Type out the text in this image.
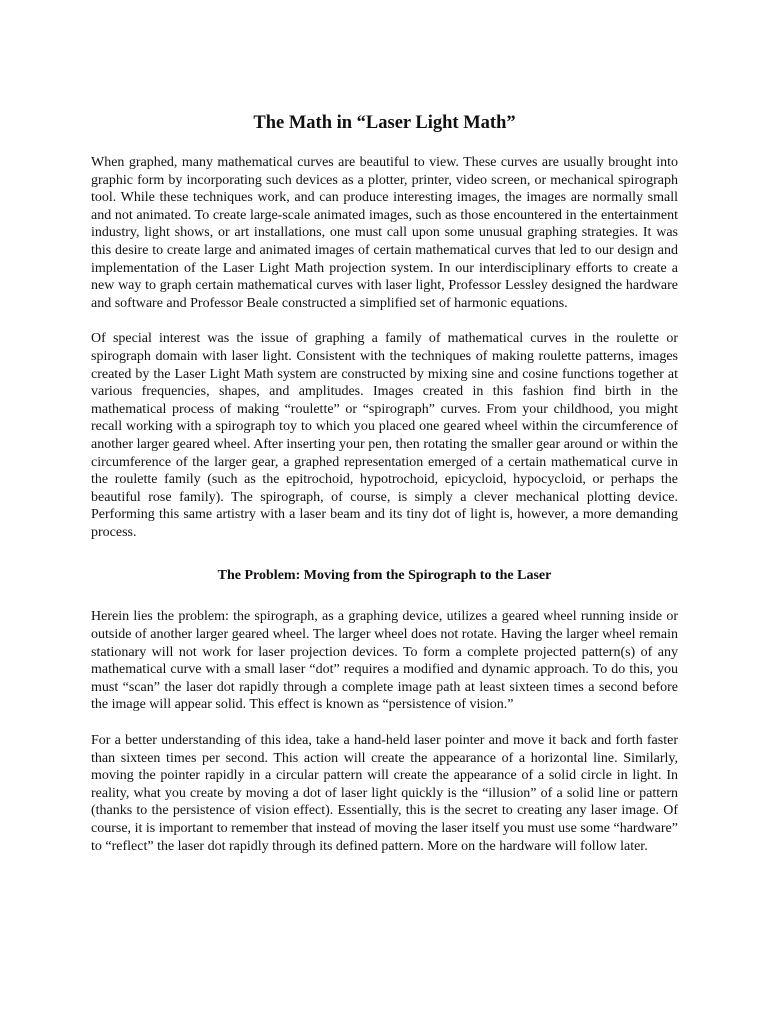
The Math in “Laser Light Math”

When graphed, many mathematical curves are beautiful to view. These curves are usually brought into graphic form by incorporating such devices as a plotter, printer, video screen, or mechanical spirograph tool. While these techniques work, and can produce interesting images, the images are normally small and not animated. To create large-scale animated images, such as those encountered in the entertainment industry, light shows, or art installations, one must call upon some unusual graphing strategies. It was this desire to create large and animated images of certain mathematical curves that led to our design and implementation of the Laser Light Math projection system. In our interdisciplinary efforts to create a new way to graph certain mathematical curves with laser light, Professor Lessley designed the hardware and software and Professor Beale constructed a simplified set of harmonic equations.

Of special interest was the issue of graphing a family of mathematical curves in the roulette or spirograph domain with laser light. Consistent with the techniques of making roulette patterns, images created by the Laser Light Math system are constructed by mixing sine and cosine functions together at various frequencies, shapes, and amplitudes. Images created in this fashion find birth in the mathematical process of making “roulette” or “spirograph” curves. From your childhood, you might recall working with a spirograph toy to which you placed one geared wheel within the circumference of another larger geared wheel. After inserting your pen, then rotating the smaller gear around or within the circumference of the larger gear, a graphed representation emerged of a certain mathematical curve in the roulette family (such as the epitrochoid, hypotrochoid, epicycloid, hypocycloid, or perhaps the beautiful rose family). The spirograph, of course, is simply a clever mechanical plotting device. Performing this same artistry with a laser beam and its tiny dot of light is, however, a more demanding process.

The Problem: Moving from the Spirograph to the Laser

Herein lies the problem: the spirograph, as a graphing device, utilizes a geared wheel running inside or outside of another larger geared wheel. The larger wheel does not rotate. Having the larger wheel remain stationary will not work for laser projection devices. To form a complete projected pattern(s) of any mathematical curve with a small laser “dot” requires a modified and dynamic approach. To do this, you must “scan” the laser dot rapidly through a complete image path at least sixteen times a second before the image will appear solid. This effect is known as “persistence of vision.”

For a better understanding of this idea, take a hand-held laser pointer and move it back and forth faster than sixteen times per second. This action will create the appearance of a horizontal line. Similarly, moving the pointer rapidly in a circular pattern will create the appearance of a solid circle in light. In reality, what you create by moving a dot of laser light quickly is the “illusion” of a solid line or pattern (thanks to the persistence of vision effect). Essentially, this is the secret to creating any laser image. Of course, it is important to remember that instead of moving the laser itself you must use some “hardware” to “reflect” the laser dot rapidly through its defined pattern. More on the hardware will follow later.
